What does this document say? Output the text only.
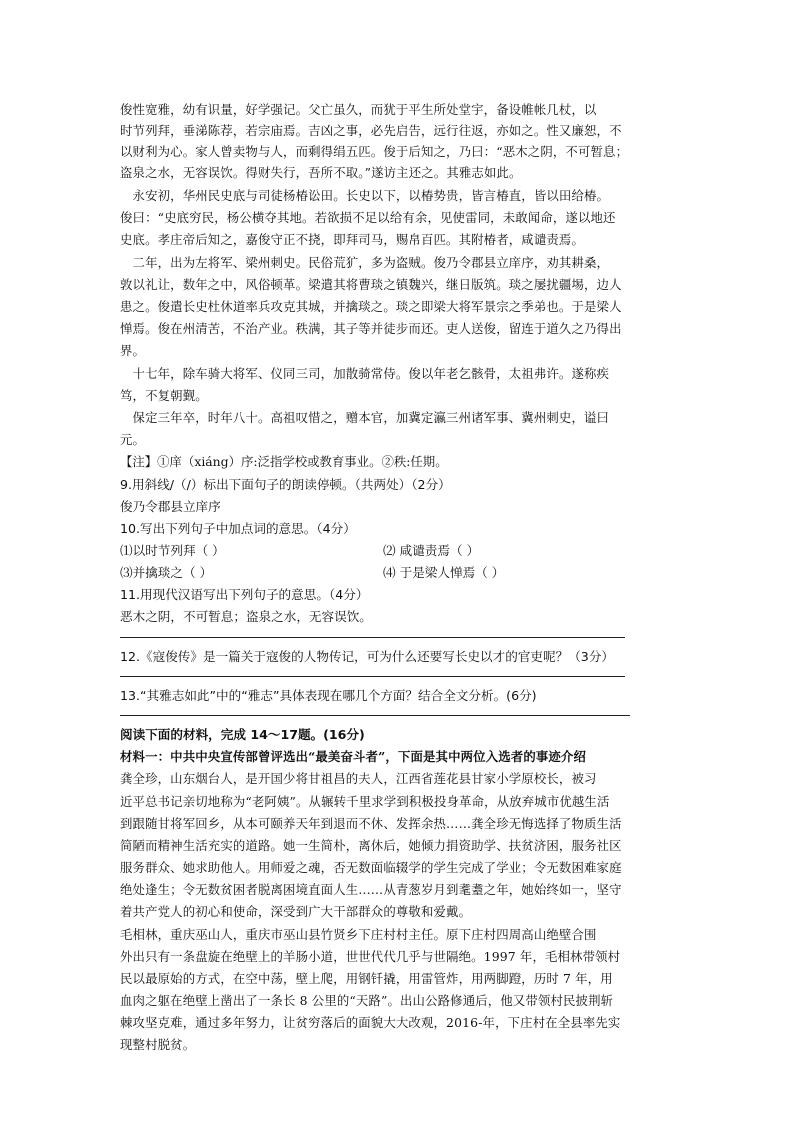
俊性宽雅，幼有识量，好学强记。父亡虽久，而犹于平生所处堂宇，备设帷帐几杖，以

时节列拜，垂涕陈荐，若宗庙焉。吉凶之事，必先启告，远行往返，亦如之。性又廉恕，不

以财利为心。家人曾卖物与人，而剩得绢五匹。俊于后知之，乃曰：“恶木之阴，不可暂息；

盗泉之水，无容误饮。得财失行，吾所不取。”遂访主还之。其雅志如此。

　永安初，华州民史底与司徒杨椿讼田。长史以下，以椿势贵，皆言椿直，皆以田给椿。

俊曰：“史底穷民，杨公横夺其地。若欲损不足以给有余，见使雷同，未敢闻命，遂以地还

史底。孝庄帝后知之，嘉俊守正不挠，即拜司马，赐帛百匹。其附椿者，咸谴责焉。

　二年，出为左将军、梁州刺史。民俗荒犷，多为盗贼。俊乃令郡县立庠序，劝其耕桑，

敦以礼让，数年之中，风俗顿革。梁遣其将曹琰之镇魏兴，继日版筑。琰之屡扰疆埸，边人

患之。俊遣长史杜休道率兵攻克其城，并擒琰之。琰之即梁大将军景宗之季弟也。于是梁人

惮焉。俊在州清苦，不治产业。秩满，其子等并徒步而还。吏人送俊，留连于道久之乃得出

界。

　十七年，除车骑大将军、仪同三司，加散骑常侍。俊以年老乞骸骨，太祖弗许。遂称疾

笃，不复朝觐。

　保定三年卒，时年八十。高祖叹惜之，赠本官，加冀定瀛三州诸军事、冀州刺史，谥曰

元。

【注】①庠（xiáng）序:泛指学校或教育事业。②秩:任期。

9.用斜线/（/）标出下面句子的朗读停顿。（共两处）（2分）

俊乃令郡县立庠序

10.写出下列句子中加点词的意思。（4分）

⑴以时节列拜（ ）	⑵ 咸谴责焉（ ）

⑶并擒琰之（ ）	⑷ 于是梁人惮焉（ ）

11.用现代汉语写出下列句子的意思。（4分）

恶木之阴，不可暂息；盗泉之水，无容误饮。

12.《寇俊传》是一篇关于寇俊的人物传记，可为什么还要写长史以才的官吏呢？（3分）

13.“其雅志如此”中的“雅志”具体表现在哪几个方面？结合全文分析。(6分)

阅读下面的材料，完成 14～17题。(16分)

材料一：中共中央宣传部曾评选出“最美奋斗者”，下面是其中两位入选者的事迹介绍

龚全珍，山东烟台人，是开国少将甘祖昌的夫人，江西省莲花县甘家小学原校长，被习

近平总书记亲切地称为“老阿姨”。从辗转千里求学到积极投身革命，从放弃城市优越生活

到跟随甘将军回乡，从本可颐养天年到退而不休、发挥余热……龚全珍无悔选择了物质生活

简陋而精神生活充实的道路。她一生简朴，离休后，她倾力捐资助学、扶贫济困，服务社区

服务群众、她求助他人。用师爱之魂，否无数面临辍学的学生完成了学业；令无数困难家庭

绝处逢生；令无数贫困者脱离困境直面人生……从青葱岁月到耄耋之年，她始终如一，坚守

着共产党人的初心和使命，深受到广大干部群众的尊敬和爱戴。

毛相林，重庆巫山人，重庆市巫山县竹贤乡下庄村村主任。原下庄村四周高山绝壁合围

外出只有一条盘旋在绝壁上的羊肠小道，世世代代几乎与世隔绝。1997 年，毛相林带领村

民以最原始的方式，在空中荡，壁上爬，用钢钎撬，用雷管炸，用两脚蹬，历时 7 年，用

血肉之躯在绝壁上凿出了一条长 8 公里的“天路”。出山公路修通后，他又带领村民披荆斩

棘攻坚克难，通过多年努力，让贫穷落后的面貌大大改观，2016-年，下庄村在全县率先实

现整村脱贫。
